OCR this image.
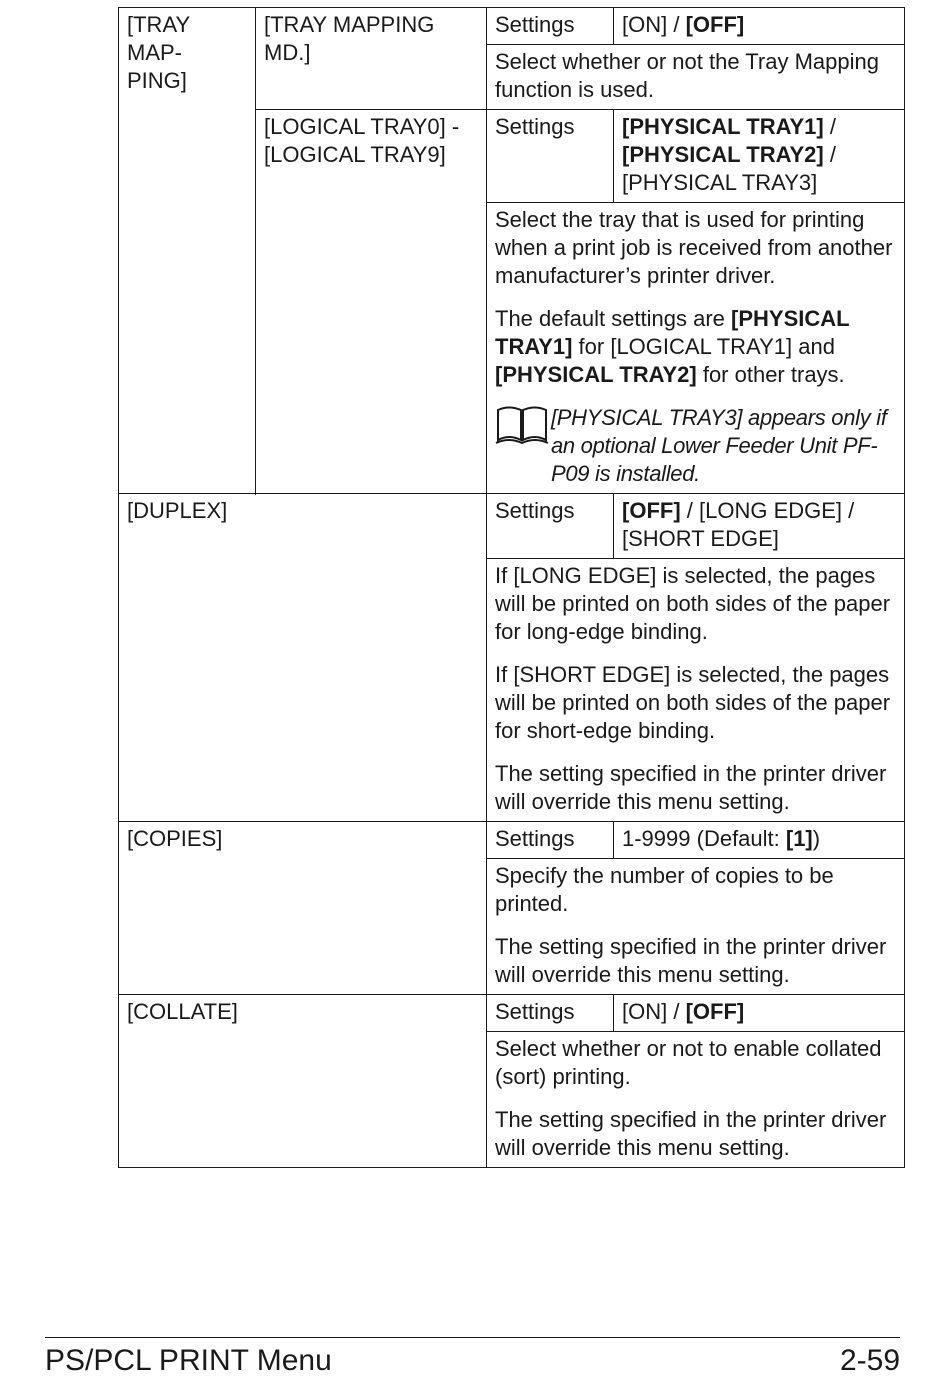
[TRAY MAP- PING]	[TRAY MAPPING MD.]	Settings	[ON] / [OFF]

		Select whether or not the Tray Mapping function is used.	

	[LOGICAL TRAY0] - [LOGICAL TRAY9]	Settings	[PHYSICAL TRAY1] /
[PHYSICAL TRAY2] /
[PHYSICAL TRAY3]

		Select the tray that is used for printing when a print job is received from another manufacturer’s printer driver.

The default settings are [PHYSICAL TRAY1] for [LOGICAL TRAY1] and [PHYSICAL TRAY2] for other trays.

[PHYSICAL TRAY3] appears only if an optional Lower Feeder Unit PF-P09 is installed.	

[DUPLEX]		Settings	[OFF] / [LONG EDGE] / [SHORT EDGE]

		If [LONG EDGE] is selected, the pages will be printed on both sides of the paper for long-edge binding.

If [SHORT EDGE] is selected, the pages will be printed on both sides of the paper for short-edge binding.

The setting specified in the printer driver will override this menu setting.	

[COPIES]		Settings	1-9999 (Default: [1])

		Specify the number of copies to be printed.

The setting specified in the printer driver will override this menu setting.	

[COLLATE]		Settings	[ON] / [OFF]

		Select whether or not to enable collated (sort) printing.

The setting specified in the printer driver will override this menu setting.	

PS/PCL PRINT Menu	2-59
